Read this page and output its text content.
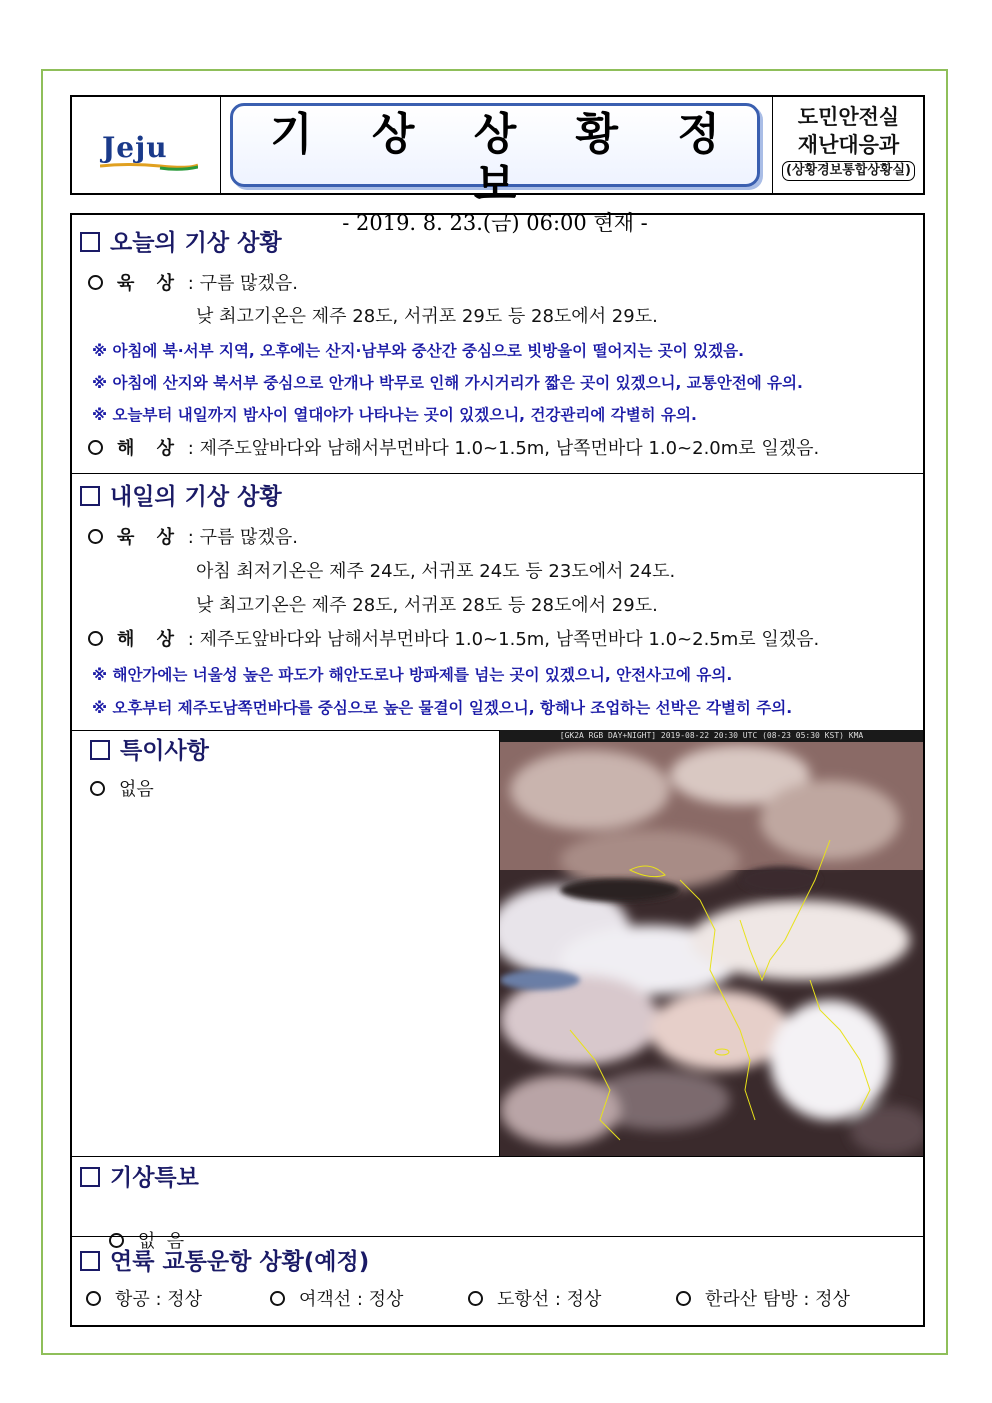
Jeju	기 상 상 황 정 보
- 2019. 8. 23.(금) 06:00 현재 -
도민안전실
재난대응과
(상황경보통합상황실)
오늘의 기상 상황
육 상 : 구름 많겠음.
낮 최고기온은 제주 28도, 서귀포 29도 등 28도에서 29도.
※ 아침에 북·서부 지역, 오후에는 산지·남부와 중산간 중심으로 빗방울이 떨어지는 곳이 있겠음.
※ 아침에 산지와 북서부 중심으로 안개나 박무로 인해 가시거리가 짧은 곳이 있겠으니, 교통안전에 유의.
※ 오늘부터 내일까지 밤사이 열대야가 나타나는 곳이 있겠으니, 건강관리에 각별히 유의.
해 상 : 제주도앞바다와 남해서부먼바다 1.0~1.5m, 남쪽먼바다 1.0~2.0m로 일겠음.
내일의 기상 상황
육 상 : 구름 많겠음.
아침 최저기온은 제주 24도, 서귀포 24도 등 23도에서 24도.
낮 최고기온은 제주 28도, 서귀포 28도 등 28도에서 29도.
해 상 : 제주도앞바다와 남해서부먼바다 1.0~1.5m, 남쪽먼바다 1.0~2.5m로 일겠음.
※ 해안가에는 너울성 높은 파도가 해안도로나 방파제를 넘는 곳이 있겠으니, 안전사고에 유의.
※ 오후부터 제주도남쪽먼바다를 중심으로 높은 물결이 일겠으니, 항해나 조업하는 선박은 각별히 주의.
특이사항
없음
[GK2A RGB DAY+NIGHT] 2019-08-22 20:30 UTC (08-23 05:30 KST) KMA
기상특보

없  음

연륙 교통운항 상황(예정)
항공 : 정상	여객선 : 정상	도항선 : 정상	한라산 탐방 : 정상
